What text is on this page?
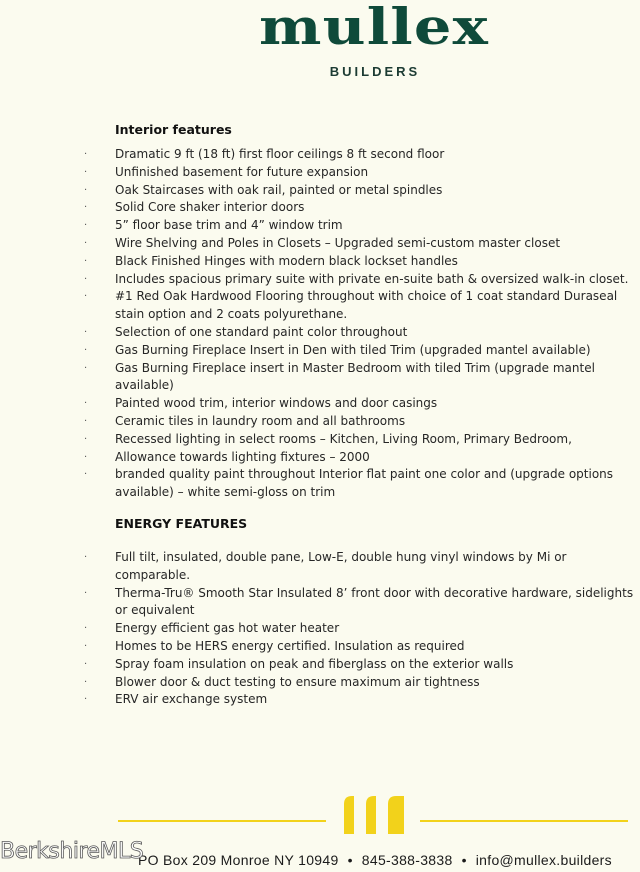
mullex
BUILDERS
Interior features
·	Dramatic 9 ft (18 ft) first floor ceilings 8 ft second floor
·	Unfinished basement for future expansion
·	Oak Staircases with oak rail, painted or metal spindles
·	Solid Core shaker interior doors
·	5” floor base trim and 4” window trim
·	Wire Shelving and Poles in Closets – Upgraded semi-custom master closet
·	Black Finished Hinges with modern black lockset handles
·	Includes spacious primary suite with private en-suite bath & oversized walk-in closet.
·	#1 Red Oak Hardwood Flooring throughout with choice of 1 coat standard Duraseal stain option and 2 coats polyurethane.
·	Selection of one standard paint color throughout
·	Gas Burning Fireplace Insert in Den with tiled Trim (upgraded mantel available)
·	Gas Burning Fireplace insert in Master Bedroom with tiled Trim (upgrade mantel available)
·	Painted wood trim, interior windows and door casings
·	Ceramic tiles in laundry room and all bathrooms
·	Recessed lighting in select rooms – Kitchen, Living Room, Primary Bedroom,
·	Allowance towards lighting fixtures – 2000
·	branded quality paint throughout Interior flat paint one color and (upgrade options available) – white semi-gloss on trim
ENERGY FEATURES
·	Full tilt, insulated, double pane, Low-E, double hung vinyl windows by Mi or comparable.
·	Therma-Tru® Smooth Star Insulated 8’ front door with decorative hardware, sidelights or equivalent
·	Energy efficient gas hot water heater
·	Homes to be HERS energy certified. Insulation as required
·	Spray foam insulation on peak and fiberglass on the exterior walls
·	Blower door & duct testing to ensure maximum air tightness
·	ERV air exchange system
PO Box 209 Monroe NY 10949 • 845-388-3838 • info@mullex.builders
BerkshireMLS
